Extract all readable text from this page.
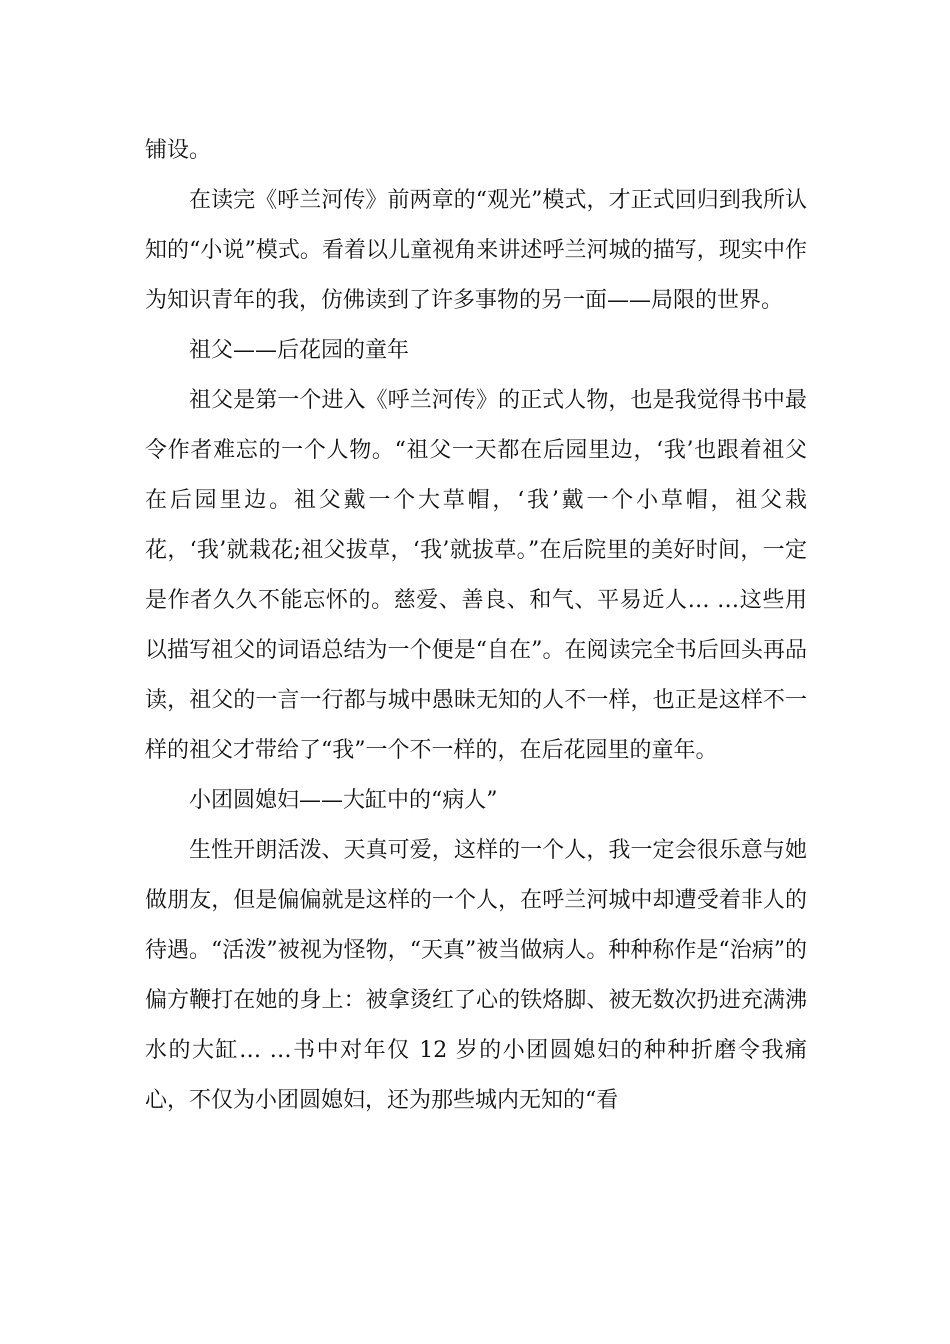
铺设。

在读完《呼兰河传》前两章的“观光”模式，才正式回归到我所认知的“小说”模式。看着以儿童视角来讲述呼兰河城的描写，现实中作为知识青年的我，仿佛读到了许多事物的另一面——局限的世界。

祖父——后花园的童年

祖父是第一个进入《呼兰河传》的正式人物，也是我觉得书中最令作者难忘的一个人物。“祖父一天都在后园里边，‘我’也跟着祖父在后园里边。祖父戴一个大草帽，‘我’戴一个小草帽，祖父栽花，‘我’就栽花;祖父拔草，‘我’就拔草。”在后院里的美好时间，一定是作者久久不能忘怀的。慈爱、善良、和气、平易近人… …这些用以描写祖父的词语总结为一个便是“自在”。在阅读完全书后回头再品读，祖父的一言一行都与城中愚昧无知的人不一样，也正是这样不一样的祖父才带给了“我”一个不一样的，在后花园里的童年。

小团圆媳妇——大缸中的“病人”

生性开朗活泼、天真可爱，这样的一个人，我一定会很乐意与她做朋友，但是偏偏就是这样的一个人，在呼兰河城中却遭受着非人的待遇。“活泼”被视为怪物，“天真”被当做病人。种种称作是“治病”的偏方鞭打在她的身上：被拿烫红了心的铁烙脚、被无数次扔进充满沸水的大缸… …书中对年仅 12 岁的小团圆媳妇的种种折磨令我痛心，不仅为小团圆媳妇，还为那些城内无知的“看
